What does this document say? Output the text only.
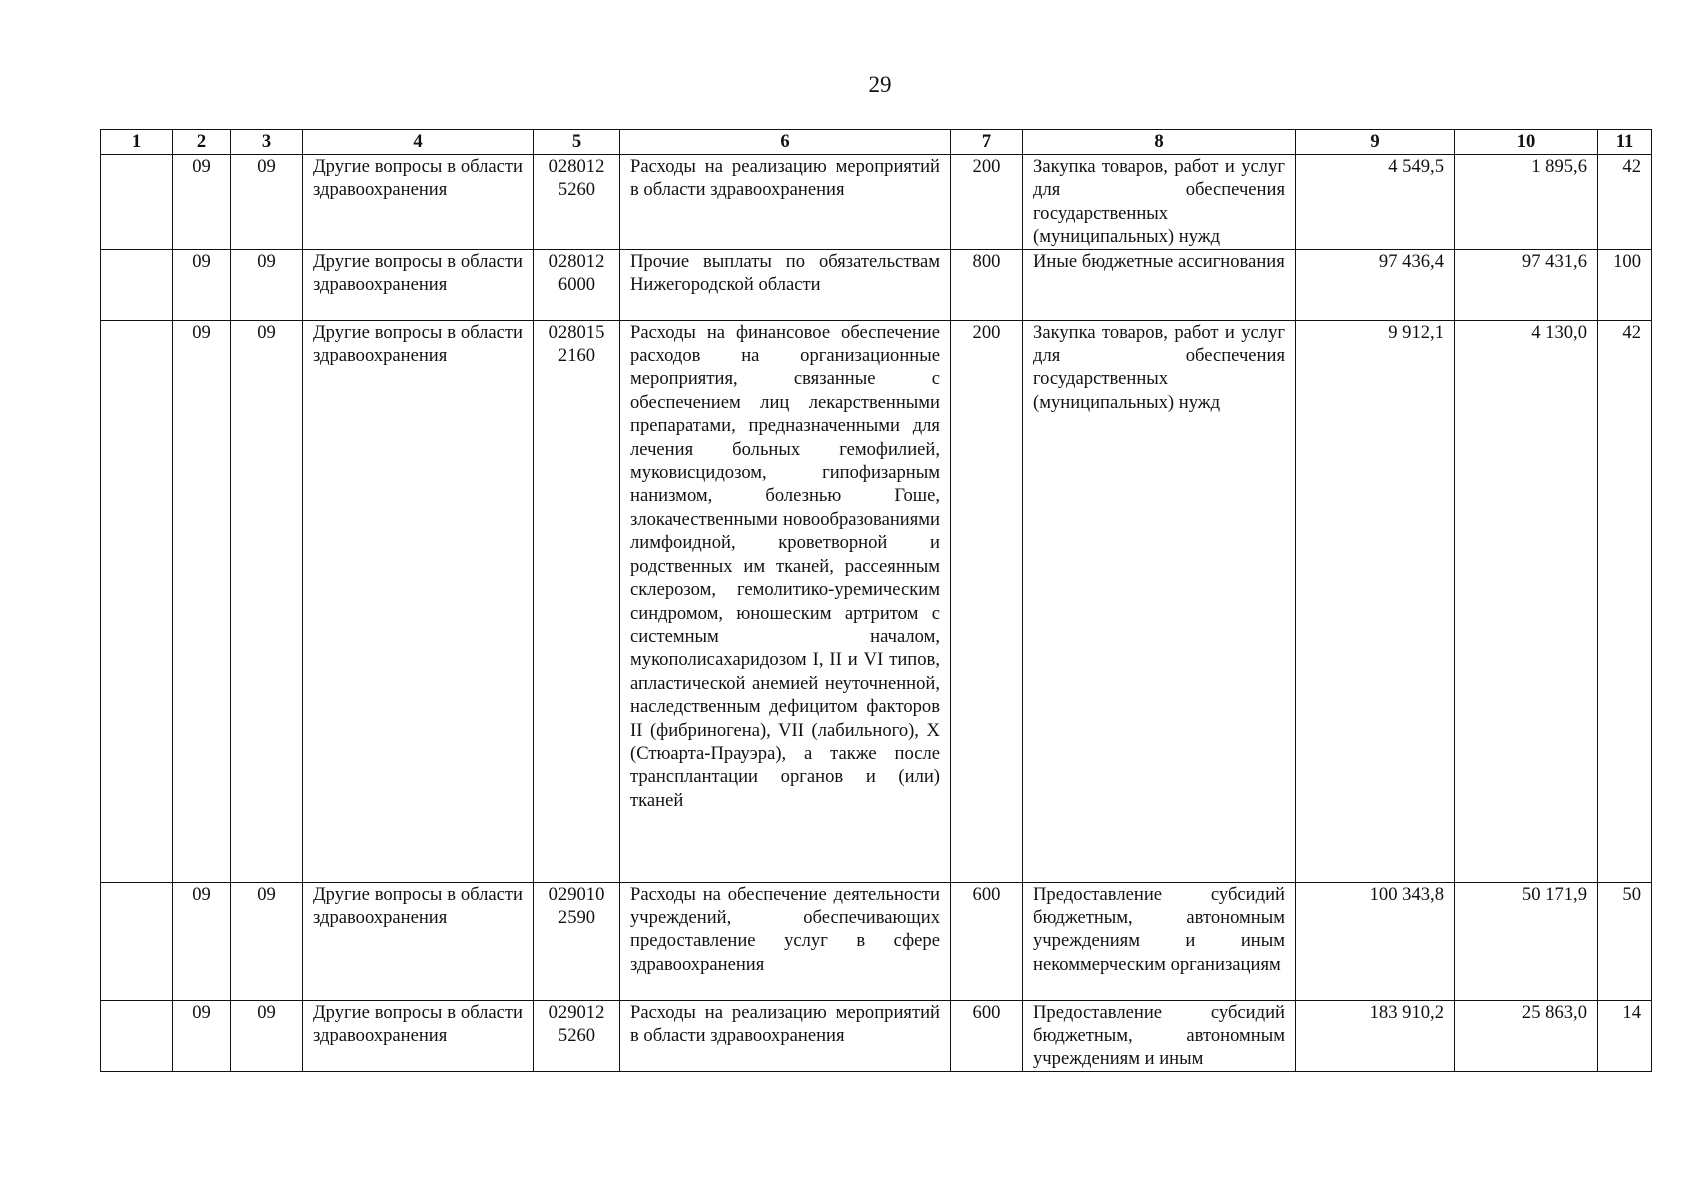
29
1	2	3	4	5	6	7	8	9	10	11
	09	09	Другие вопросы в области здравоохранения	0280125260	Расходы на реализацию мероприятий в области здравоохранения	200	Закупка товаров, работ и услуг для обеспечения государственных (муниципальных) нужд	4 549,5	1 895,6	42
	09	09	Другие вопросы в области здравоохранения	0280126000	Прочие выплаты по обязательствам Нижегородской области	800	Иные бюджетные ассигнования	97 436,4	97 431,6	100
	09	09	Другие вопросы в области здравоохранения	0280152160	Расходы на финансовое обеспечение расходов на организационные мероприятия, связанные с обеспечением лиц лекарственными препаратами, предназначенными для лечения больных гемофилией, муковисцидозом, гипофизарным нанизмом, болезнью Гоше, злокачественными новообразованиями лимфоидной, кроветворной и родственных им тканей, рассеянным склерозом, гемолитико-уремическим синдромом, юношеским артритом с системным началом, мукополисахаридозом I, II и VI типов, апластической анемией неуточненной, наследственным дефицитом факторов II (фибриногена), VII (лабильного), X (Стюарта-Прауэра), а также после трансплантации органов и (или) тканей	200	Закупка товаров, работ и услуг для обеспечения государственных (муниципальных) нужд	9 912,1	4 130,0	42
	09	09	Другие вопросы в области здравоохранения	0290102590	Расходы на обеспечение деятельности учреждений, обеспечивающих предоставление услуг в сфере здравоохранения	600	Предоставление субсидий бюджетным, автономным учреждениям и иным некоммерческим организациям	100 343,8	50 171,9	50
	09	09	Другие вопросы в области здравоохранения	0290125260	Расходы на реализацию мероприятий в области здравоохранения	600	Предоставление субсидий бюджетным, автономным учреждениям и иным	183 910,2	25 863,0	14
